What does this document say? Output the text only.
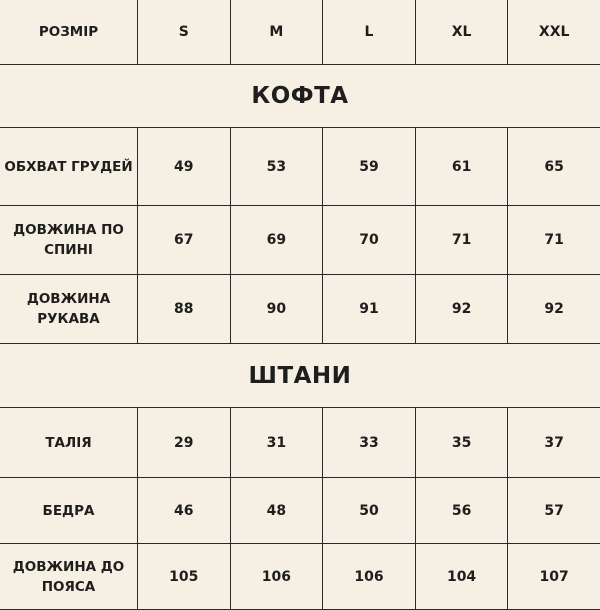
РОЗМІР	S	M	L	XL	XXL
КОФТА					
ОБХВАТ ГРУДЕЙ	49	53	59	61	65
ДОВЖИНА ПО СПИНІ	67	69	70	71	71
ДОВЖИНА РУКАВА	88	90	91	92	92
ШТАНИ					
ТАЛІЯ	29	31	33	35	37
БЕДРА	46	48	50	56	57
ДОВЖИНА ДО ПОЯСА	105	106	106	104	107
